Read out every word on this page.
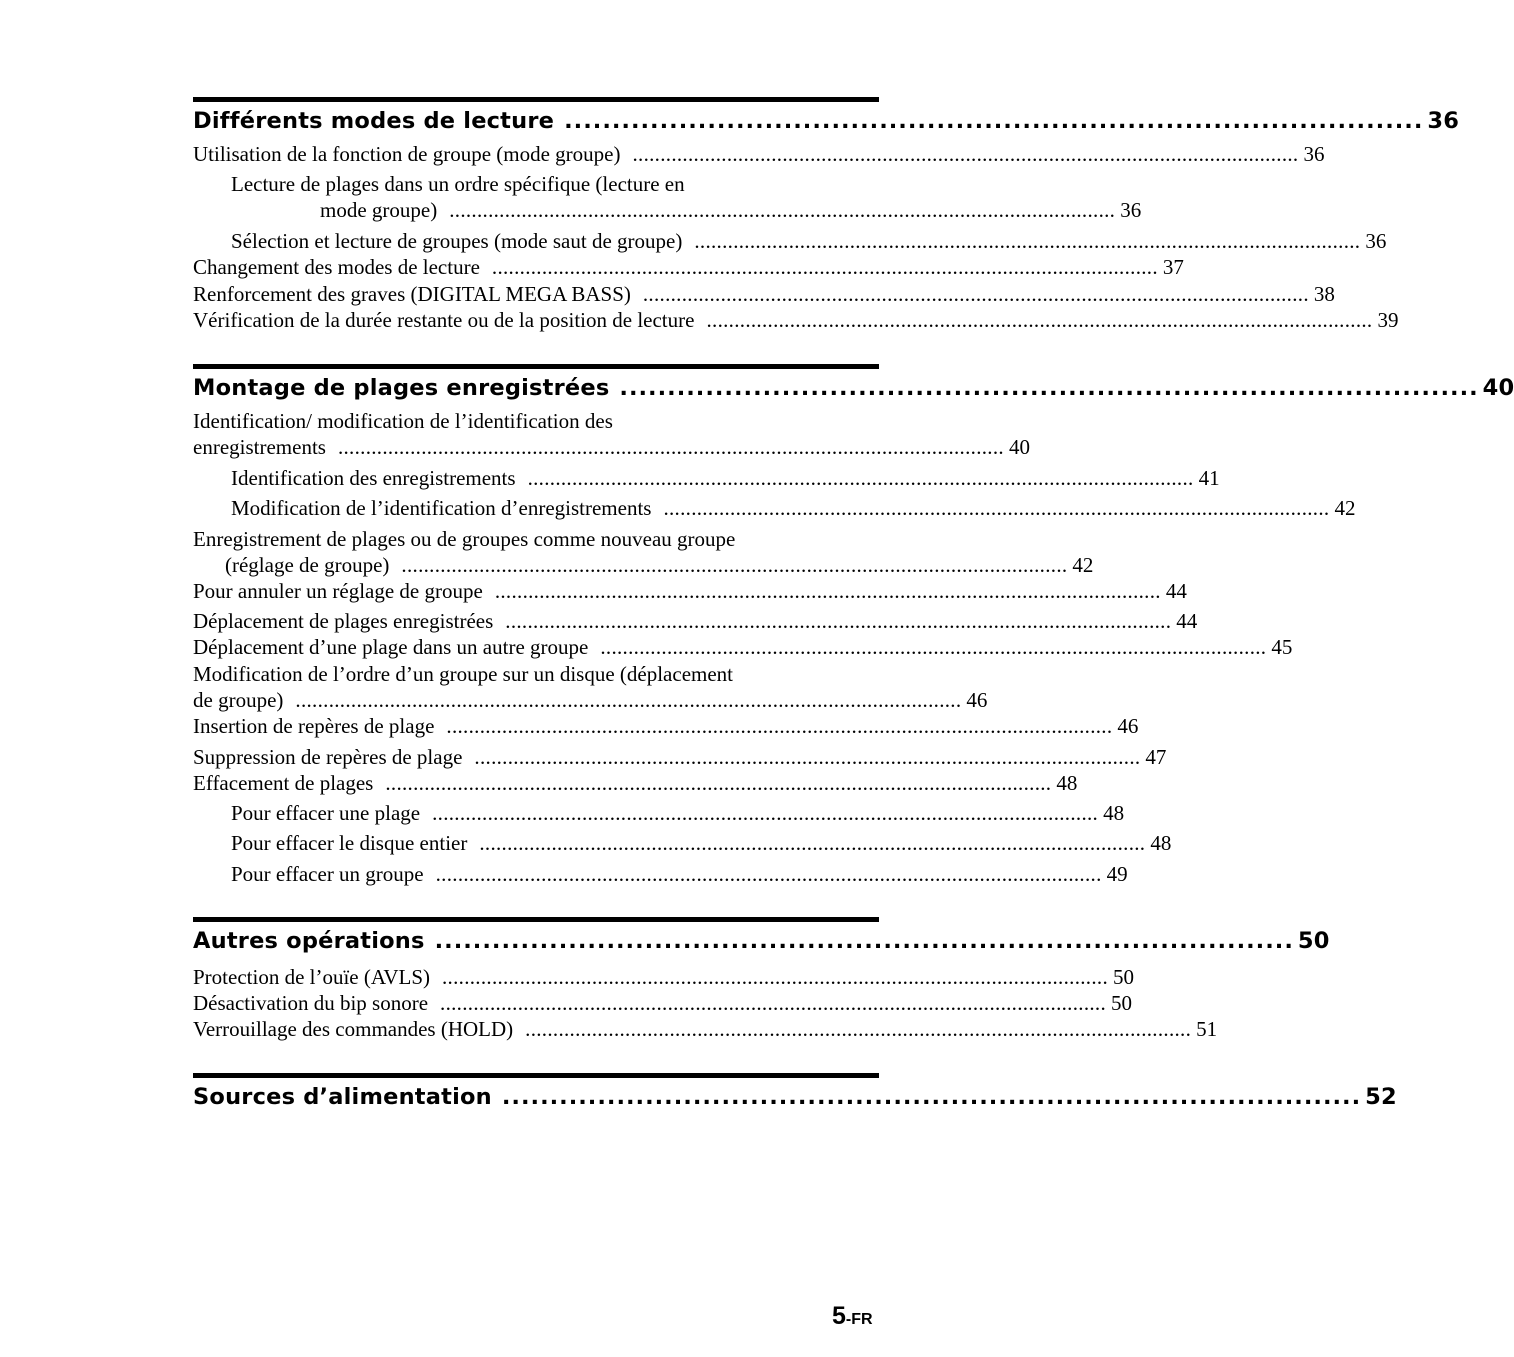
Différents modes de lecture .......................................................................................... 36
Utilisation de la fonction de groupe (mode groupe) ........................................................................................................................ 36
Lecture de plages dans un ordre spécifique (lecture en
mode groupe) ........................................................................................................................ 36
Sélection et lecture de groupes (mode saut de groupe) ........................................................................................................................ 36
Changement des modes de lecture ........................................................................................................................ 37
Renforcement des graves (DIGITAL MEGA BASS) ........................................................................................................................ 38
Vérification de la durée restante ou de la position de lecture ........................................................................................................................ 39
Montage de plages enregistrées .......................................................................................... 40
Identification/ modification de l’identification des
enregistrements ........................................................................................................................ 40
Identification des enregistrements ........................................................................................................................ 41
Modification de l’identification d’enregistrements ........................................................................................................................ 42
Enregistrement de plages ou de groupes comme nouveau groupe
(réglage de groupe) ........................................................................................................................ 42
Pour annuler un réglage de groupe ........................................................................................................................ 44
Déplacement de plages enregistrées ........................................................................................................................ 44
Déplacement d’une plage dans un autre groupe ........................................................................................................................ 45
Modification de l’ordre d’un groupe sur un disque (déplacement
de groupe) ........................................................................................................................ 46
Insertion de repères de plage ........................................................................................................................ 46
Suppression de repères de plage ........................................................................................................................ 47
Effacement de plages ........................................................................................................................ 48
Pour effacer une plage ........................................................................................................................ 48
Pour effacer le disque entier ........................................................................................................................ 48
Pour effacer un groupe ........................................................................................................................ 49
Autres opérations .......................................................................................... 50
Protection de l’ouïe (AVLS) ........................................................................................................................ 50
Désactivation du bip sonore ........................................................................................................................ 50
Verrouillage des commandes (HOLD) ........................................................................................................................ 51
Sources d’alimentation .......................................................................................... 52
5-FR
